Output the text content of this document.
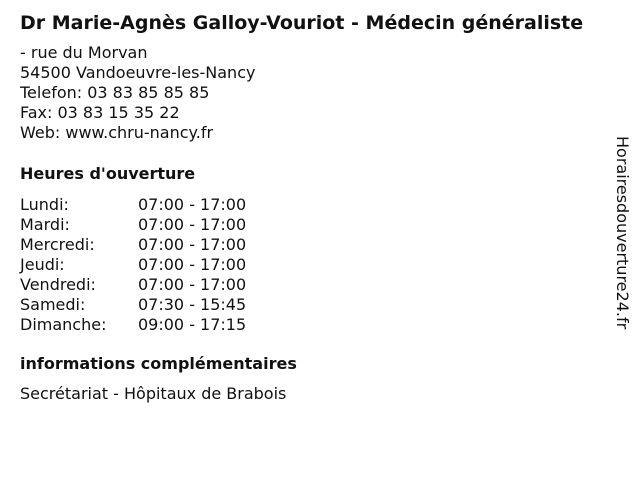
Dr Marie-Agnès Galloy-Vouriot - Médecin généraliste
- rue du Morvan
54500 Vandoeuvre-les-Nancy
Telefon: 03 83 85 85 85
Fax: 03 83 15 35 22
Web: www.chru-nancy.fr
Heures d'ouverture
Lundi:	07:00 - 17:00
Mardi:	07:00 - 17:00
Mercredi:	07:00 - 17:00
Jeudi:	07:00 - 17:00
Vendredi:	07:00 - 17:00
Samedi:	07:30 - 15:45
Dimanche:	09:00 - 17:15
informations complémentaires
Secrétariat - Hôpitaux de Brabois
Horairesdouverture24.fr
